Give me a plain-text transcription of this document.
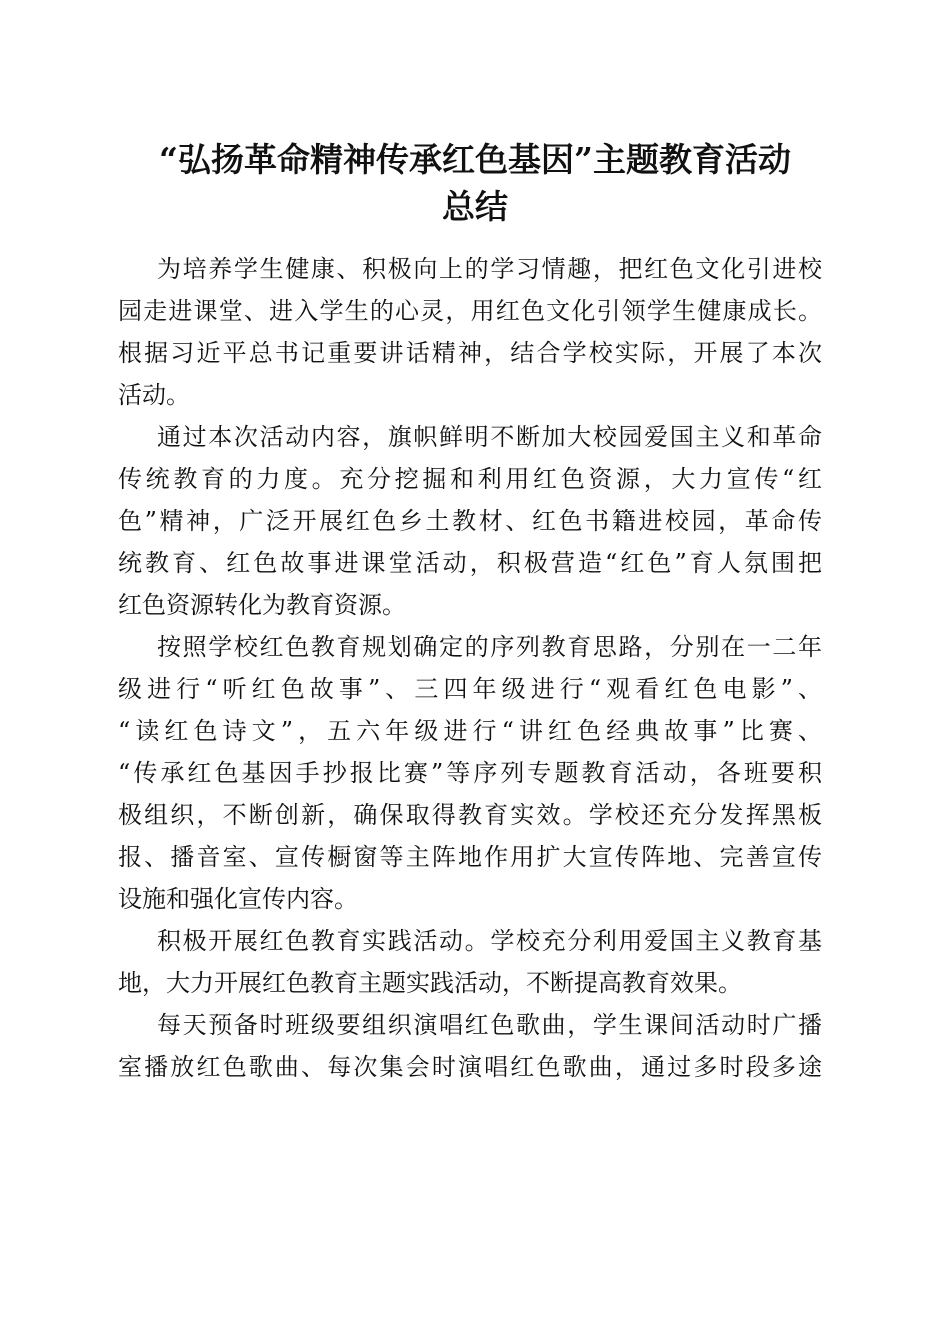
“弘扬革命精神传承红色基因”主题教育活动
总结
为培养学生健康、积极向上的学习情趣，把红色文化引进校
园走进课堂、进入学生的心灵，用红色文化引领学生健康成长。
根据习近平总书记重要讲话精神，结合学校实际，开展了本次
活动。
通过本次活动内容，旗帜鲜明不断加大校园爱国主义和革命
传统教育的力度。充分挖掘和利用红色资源，大力宣传“红
色”精神，广泛开展红色乡土教材、红色书籍进校园，革命传
统教育、红色故事进课堂活动，积极营造“红色”育人氛围把
红色资源转化为教育资源。
按照学校红色教育规划确定的序列教育思路，分别在一二年
级进行“听红色故事”、三四年级进行“观看红色电影”、
“读红色诗文”，五六年级进行“讲红色经典故事”比赛、
“传承红色基因手抄报比赛”等序列专题教育活动，各班要积
极组织，不断创新，确保取得教育实效。学校还充分发挥黑板
报、播音室、宣传橱窗等主阵地作用扩大宣传阵地、完善宣传
设施和强化宣传内容。
积极开展红色教育实践活动。学校充分利用爱国主义教育基
地，大力开展红色教育主题实践活动，不断提高教育效果。
每天预备时班级要组织演唱红色歌曲，学生课间活动时广播
室播放红色歌曲、每次集会时演唱红色歌曲，通过多时段多途
